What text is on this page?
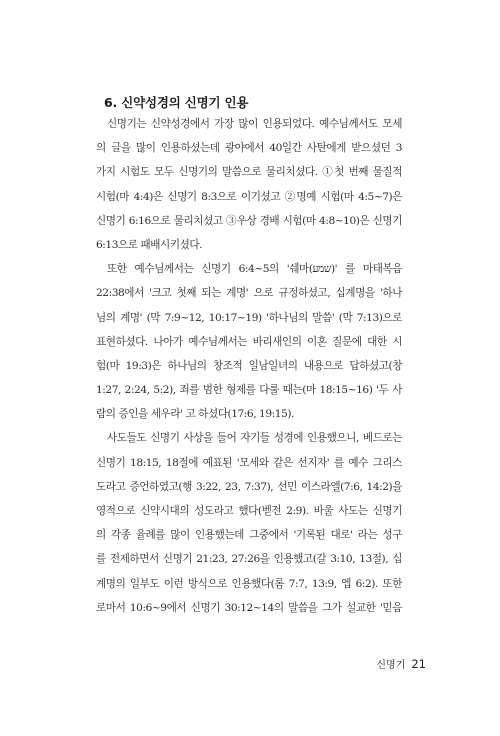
6. 신약성경의 신명기 인용
신명기는 신약성경에서 가장 많이 인용되었다. 예수님께서도 모세
의 글을 많이 인용하셨는데 광야에서 40일간 사탄에게 받으셨던 3
가지 시험도 모두 신명기의 말씀으로 물리치셨다. ①첫 번째 물질적
시험(마 4:4)은 신명기 8:3으로 이기셨고 ②명예 시험(마 4:5~7)은
신명기 6:16으로 물리치셨고 ③우상 경배 시험(마 4:8~10)은 신명기
6:13으로 패배시키셨다.
또한 예수님께서는 신명기 6:4~5의 '쉐마(שמע)' 를 마태복음
22:38에서 '크고 첫째 되는 계명' 으로 규정하셨고, 십계명을 '하나
님의 계명' (막 7:9~12, 10:17~19) '하나님의 말씀' (막 7:13)으로
표현하셨다. 나아가 예수님께서는 바리새인의 이혼 질문에 대한 시
험(마 19:3)은 하나님의 창조적 일남일녀의 내용으로 답하셨고(창
1:27, 2:24, 5:2), 죄를 범한 형제를 다룰 때는(마 18:15~16) '두 사
람의 증인을 세우라' 고 하셨다(17:6, 19:15).
사도들도 신명기 사상을 들어 자기들 성경에 인용했으니, 베드로는
신명기 18:15, 18절에 예표된 '모세와 같은 선지자' 를 예수 그리스
도라고 증언하였고(행 3:22, 23, 7:37), 선민 이스라엘(7:6, 14:2)을
영적으로 신약시대의 성도라고 했다(벧전 2:9). 바울 사도는 신명기
의 각종 율례를 많이 인용했는데 그중에서 '기록된 대로' 라는 성구
를 전제하면서 신명기 21:23, 27:26을 인용했고(갈 3:10, 13절), 십
계명의 일부도 이런 방식으로 인용했다(롬 7:7, 13:9, 엡 6:2). 또한
로마서 10:6~9에서 신명기 30:12~14의 말씀을 그가 설교한 '믿음
신명기 21
